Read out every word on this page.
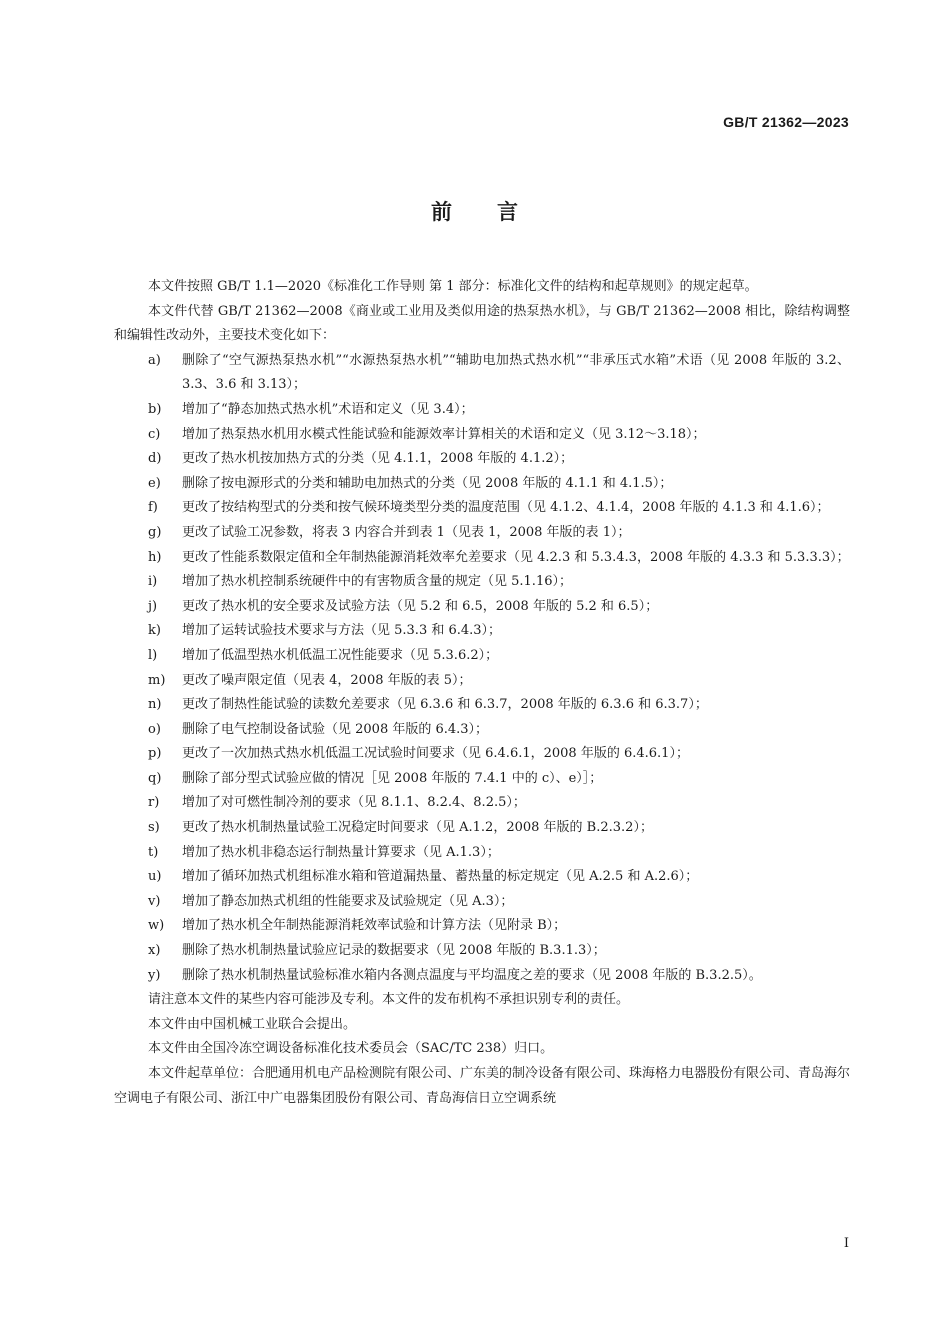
GB/T 21362—2023
前 言

本文件按照 GB/T 1.1—2020《标准化工作导则 第 1 部分：标准化文件的结构和起草规则》的规定起草。

本文件代替 GB/T 21362—2008《商业或工业用及类似用途的热泵热水机》，与 GB/T 21362—2008 相比，除结构调整和编辑性改动外，主要技术变化如下：

a)	删除了“空气源热泵热水机”“水源热泵热水机”“辅助电加热式热水机”“非承压式水箱”术语（见 2008 年版的 3.2、3.3、3.6 和 3.13）；
b)	增加了“静态加热式热水机”术语和定义（见 3.4）；
c)	增加了热泵热水机用水模式性能试验和能源效率计算相关的术语和定义（见 3.12～3.18）；
d)	更改了热水机按加热方式的分类（见 4.1.1，2008 年版的 4.1.2）；
e)	删除了按电源形式的分类和辅助电加热式的分类（见 2008 年版的 4.1.1 和 4.1.5）；
f)	更改了按结构型式的分类和按气候环境类型分类的温度范围（见 4.1.2、4.1.4，2008 年版的 4.1.3 和 4.1.6）；
g)	更改了试验工况参数，将表 3 内容合并到表 1（见表 1，2008 年版的表 1）；
h)	更改了性能系数限定值和全年制热能源消耗效率允差要求（见 4.2.3 和 5.3.4.3，2008 年版的 4.3.3 和 5.3.3.3）；
i)	增加了热水机控制系统硬件中的有害物质含量的规定（见 5.1.16）；
j)	更改了热水机的安全要求及试验方法（见 5.2 和 6.5，2008 年版的 5.2 和 6.5）；
k)	增加了运转试验技术要求与方法（见 5.3.3 和 6.4.3）；
l)	增加了低温型热水机低温工况性能要求（见 5.3.6.2）；
m)	更改了噪声限定值（见表 4，2008 年版的表 5）；
n)	更改了制热性能试验的读数允差要求（见 6.3.6 和 6.3.7，2008 年版的 6.3.6 和 6.3.7）；
o)	删除了电气控制设备试验（见 2008 年版的 6.4.3）；
p)	更改了一次加热式热水机低温工况试验时间要求（见 6.4.6.1，2008 年版的 6.4.6.1）；
q)	删除了部分型式试验应做的情况［见 2008 年版的 7.4.1 中的 c）、e）］；
r)	增加了对可燃性制冷剂的要求（见 8.1.1、8.2.4、8.2.5）；
s)	更改了热水机制热量试验工况稳定时间要求（见 A.1.2，2008 年版的 B.2.3.2）；
t)	增加了热水机非稳态运行制热量计算要求（见 A.1.3）；
u)	增加了循环加热式机组标准水箱和管道漏热量、蓄热量的标定规定（见 A.2.5 和 A.2.6）；
v)	增加了静态加热式机组的性能要求及试验规定（见 A.3）；
w)	增加了热水机全年制热能源消耗效率试验和计算方法（见附录 B）；
x)	删除了热水机制热量试验应记录的数据要求（见 2008 年版的 B.3.1.3）；
y)	删除了热水机制热量试验标准水箱内各测点温度与平均温度之差的要求（见 2008 年版的 B.3.2.5）。

请注意本文件的某些内容可能涉及专利。本文件的发布机构不承担识别专利的责任。

本文件由中国机械工业联合会提出。

本文件由全国冷冻空调设备标准化技术委员会（SAC/TC 238）归口。

本文件起草单位：合肥通用机电产品检测院有限公司、广东美的制冷设备有限公司、珠海格力电器股份有限公司、青岛海尔空调电子有限公司、浙江中广电器集团股份有限公司、青岛海信日立空调系统

I
